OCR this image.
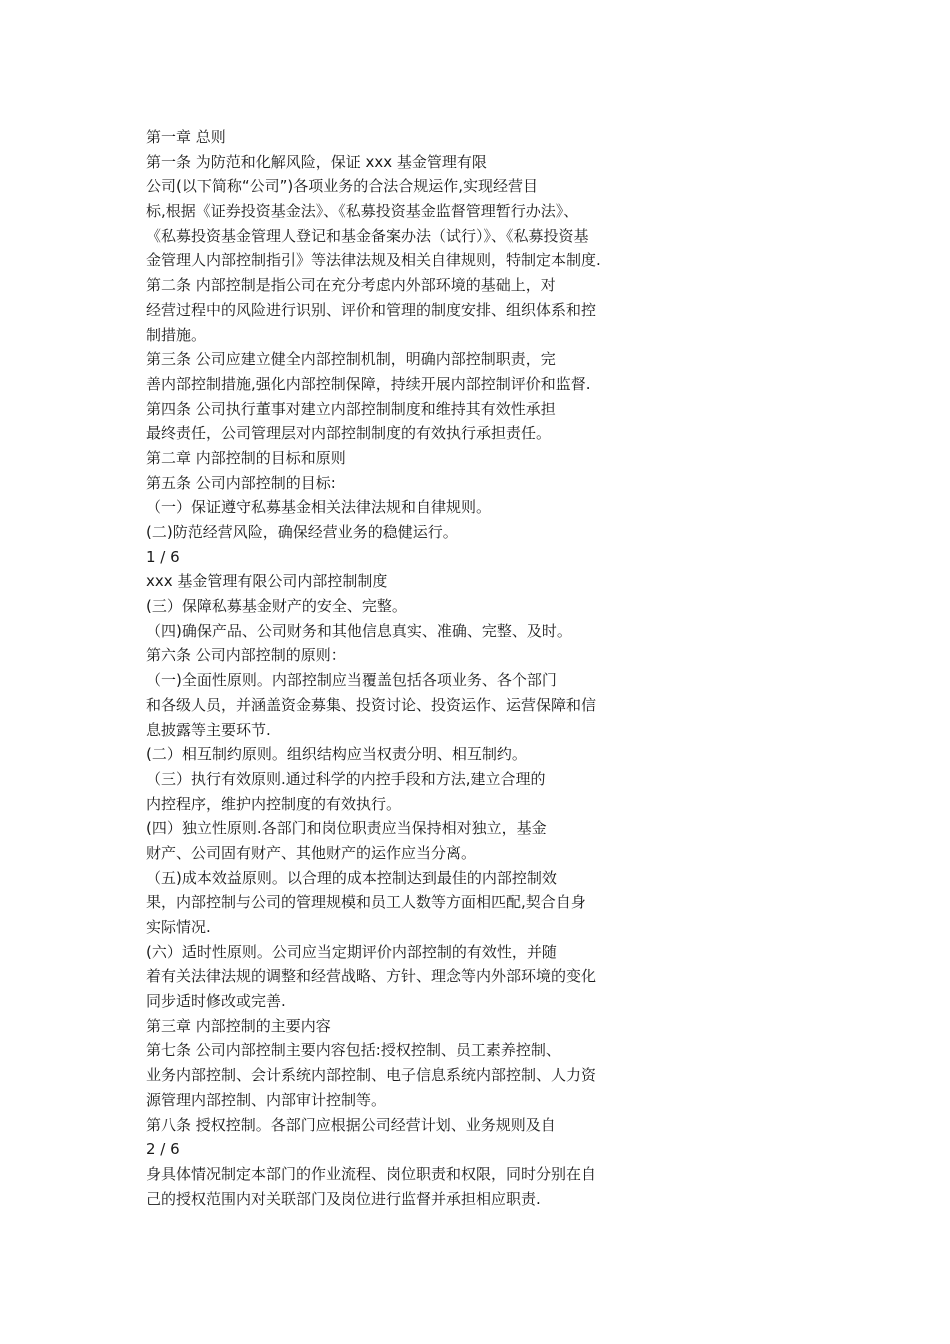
第一章 总则
第一条 为防范和化解风险，保证 xxx 基金管理有限
公司(以下简称“公司”)各项业务的合法合规运作,实现经营目
标,根据《证券投资基金法》、《私募投资基金监督管理暂行办法》、
《私募投资基金管理人登记和基金备案办法（试行）》、《私募投资基
金管理人内部控制指引》等法律法规及相关自律规则，特制定本制度.
第二条 内部控制是指公司在充分考虑内外部环境的基础上，对
经营过程中的风险进行识别、评价和管理的制度安排、组织体系和控
制措施。
第三条 公司应建立健全内部控制机制，明确内部控制职责，完
善内部控制措施,强化内部控制保障，持续开展内部控制评价和监督.
第四条 公司执行董事对建立内部控制制度和维持其有效性承担
最终责任，公司管理层对内部控制制度的有效执行承担责任。
第二章 内部控制的目标和原则
第五条 公司内部控制的目标:
（一）保证遵守私募基金相关法律法规和自律规则。
(二)防范经营风险，确保经营业务的稳健运行。
1 / 6
xxx 基金管理有限公司内部控制制度
(三）保障私募基金财产的安全、完整。
（四)确保产品、公司财务和其他信息真实、准确、完整、及时。
第六条 公司内部控制的原则：
（一)全面性原则。内部控制应当覆盖包括各项业务、各个部门
和各级人员，并涵盖资金募集、投资讨论、投资运作、运营保障和信
息披露等主要环节.
(二）相互制约原则。组织结构应当权责分明、相互制约。
（三）执行有效原则.通过科学的内控手段和方法,建立合理的
内控程序，维护内控制度的有效执行。
(四）独立性原则.各部门和岗位职责应当保持相对独立，基金
财产、公司固有财产、其他财产的运作应当分离。
（五)成本效益原则。以合理的成本控制达到最佳的内部控制效
果，内部控制与公司的管理规模和员工人数等方面相匹配,契合自身
实际情况.
(六）适时性原则。公司应当定期评价内部控制的有效性，并随
着有关法律法规的调整和经营战略、方针、理念等内外部环境的变化
同步适时修改或完善.
第三章 内部控制的主要内容
第七条 公司内部控制主要内容包括:授权控制、员工素养控制、
业务内部控制、会计系统内部控制、电子信息系统内部控制、人力资
源管理内部控制、内部审计控制等。
第八条 授权控制。各部门应根据公司经营计划、业务规则及自
2 / 6
身具体情况制定本部门的作业流程、岗位职责和权限，同时分别在自
己的授权范围内对关联部门及岗位进行监督并承担相应职责.
